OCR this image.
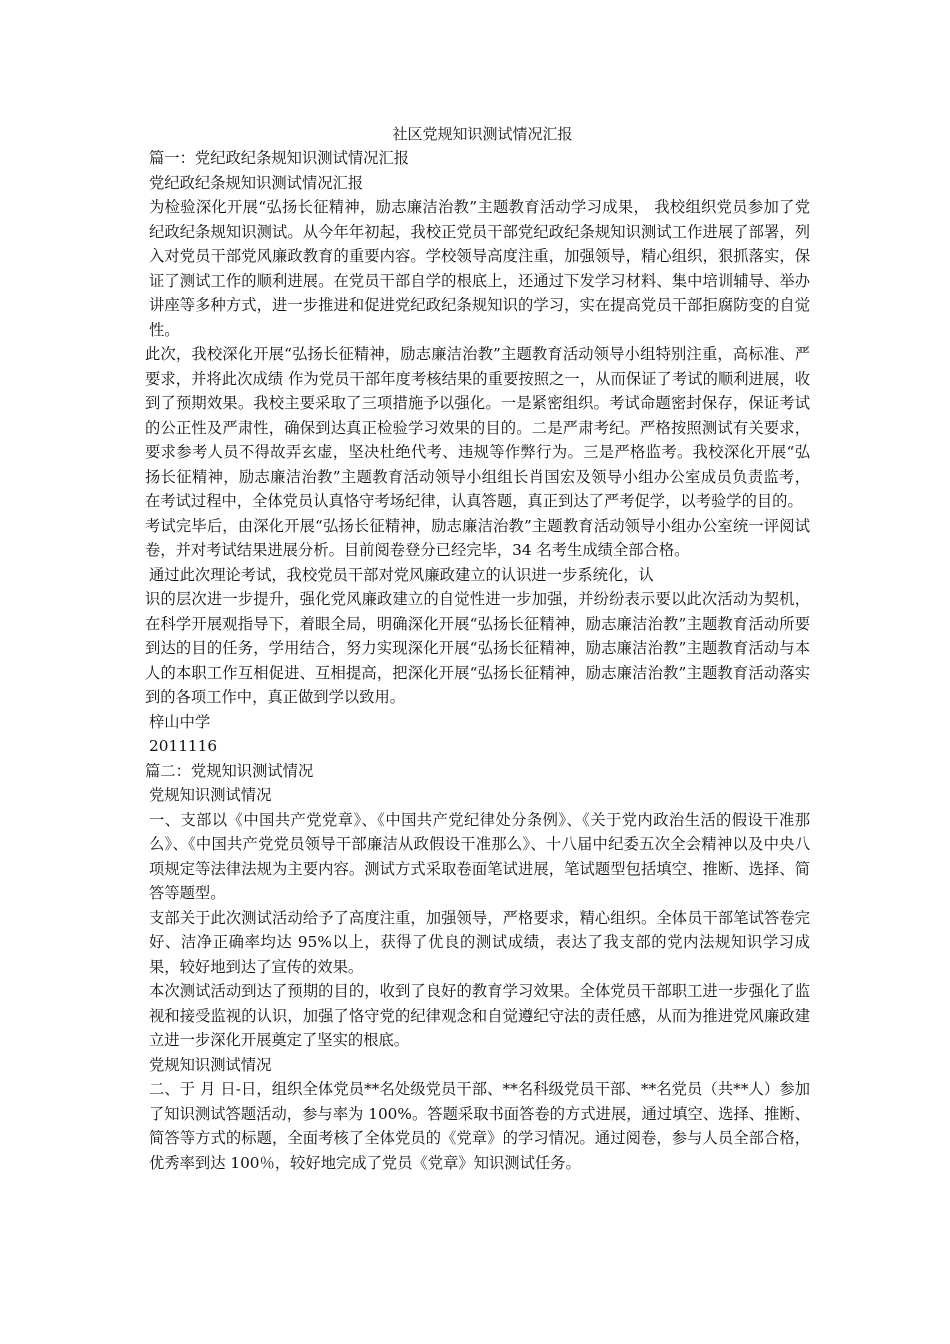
社区党规知识测试情况汇报

篇一：党纪政纪条规知识测试情况汇报

党纪政纪条规知识测试情况汇报

为检验深化开展“弘扬长征精神，励志廉洁治教”主题教育活动学习成果， 我校组织党员参加了党纪政纪条规知识测试。从今年年初起，我校正党员干部党纪政纪条规知识测试工作进展了部署，列入对党员干部党风廉政教育的重要内容。学校领导高度注重，加强领导，精心组织，狠抓落实，保证了测试工作的顺利进展。在党员干部自学的根底上，还通过下发学习材料、集中培训辅导、举办讲座等多种方式，进一步推进和促进党纪政纪条规知识的学习，实在提高党员干部拒腐防变的自觉性。

此次，我校深化开展“弘扬长征精神，励志廉洁治教”主题教育活动领导小组特别注重，高标准、严要求，并将此次成绩 作为党员干部年度考核结果的重要按照之一，从而保证了考试的顺利进展，收到了预期效果。我校主要采取了三项措施予以强化。一是紧密组织。考试命题密封保存，保证考试的公正性及严肃性，确保到达真正检验学习效果的目的。二是严肃考纪。严格按照测试有关要求，要求参考人员不得故弄玄虚，坚决杜绝代考、违规等作弊行为。三是严格监考。我校深化开展“弘扬长征精神，励志廉洁治教”主题教育活动领导小组组长肖国宏及领导小组办公室成员负责监考，在考试过程中，全体党员认真恪守考场纪律，认真答题，真正到达了严考促学，以考验学的目的。

考试完毕后，由深化开展“弘扬长征精神，励志廉洁治教”主题教育活动领导小组办公室统一评阅试卷，并对考试结果进展分析。目前阅卷登分已经完毕，34 名考生成绩全部合格。

通过此次理论考试，我校党员干部对党风廉政建立的认识进一步系统化，认

识的层次进一步提升，强化党风廉政建立的自觉性进一步加强，并纷纷表示要以此次活动为契机，在科学开展观指导下，着眼全局，明确深化开展“弘扬长征精神，励志廉洁治教”主题教育活动所要到达的目的任务，学用结合，努力实现深化开展“弘扬长征精神，励志廉洁治教”主题教育活动与本人的本职工作互相促进、互相提高，把深化开展“弘扬长征精神，励志廉洁治教”主题教育活动落实到的各项工作中，真正做到学以致用。

梓山中学

2011116

篇二：党规知识测试情况

党规知识测试情况

一、支部以《中国共产党党章》、《中国共产党纪律处分条例》、《关于党内政治生活的假设干准那么》、《中国共产党党员领导干部廉洁从政假设干准那么》、十八届中纪委五次全会精神以及中央八项规定等法律法规为主要内容。测试方式采取卷面笔试进展，笔试题型包括填空、推断、选择、简答等题型。

支部关于此次测试活动给予了高度注重，加强领导，严格要求，精心组织。全体员干部笔试答卷完好、洁净正确率均达 95%以上，获得了优良的测试成绩，表达了我支部的党内法规知识学习成果，较好地到达了宣传的效果。

本次测试活动到达了预期的目的，收到了良好的教育学习效果。全体党员干部职工进一步强化了监视和接受监视的认识，加强了恪守党的纪律观念和自觉遵纪守法的责任感，从而为推进党风廉政建立进一步深化开展奠定了坚实的根底。

党规知识测试情况

二、于 月 日-日，组织全体党员**名处级党员干部、**名科级党员干部、**名党员（共**人）参加了知识测试答题活动，参与率为 100%。答题采取书面答卷的方式进展，通过填空、选择、推断、简答等方式的标题，全面考核了全体党员的《党章》的学习情况。通过阅卷，参与人员全部合格，优秀率到达 100％，较好地完成了党员《党章》知识测试任务。
